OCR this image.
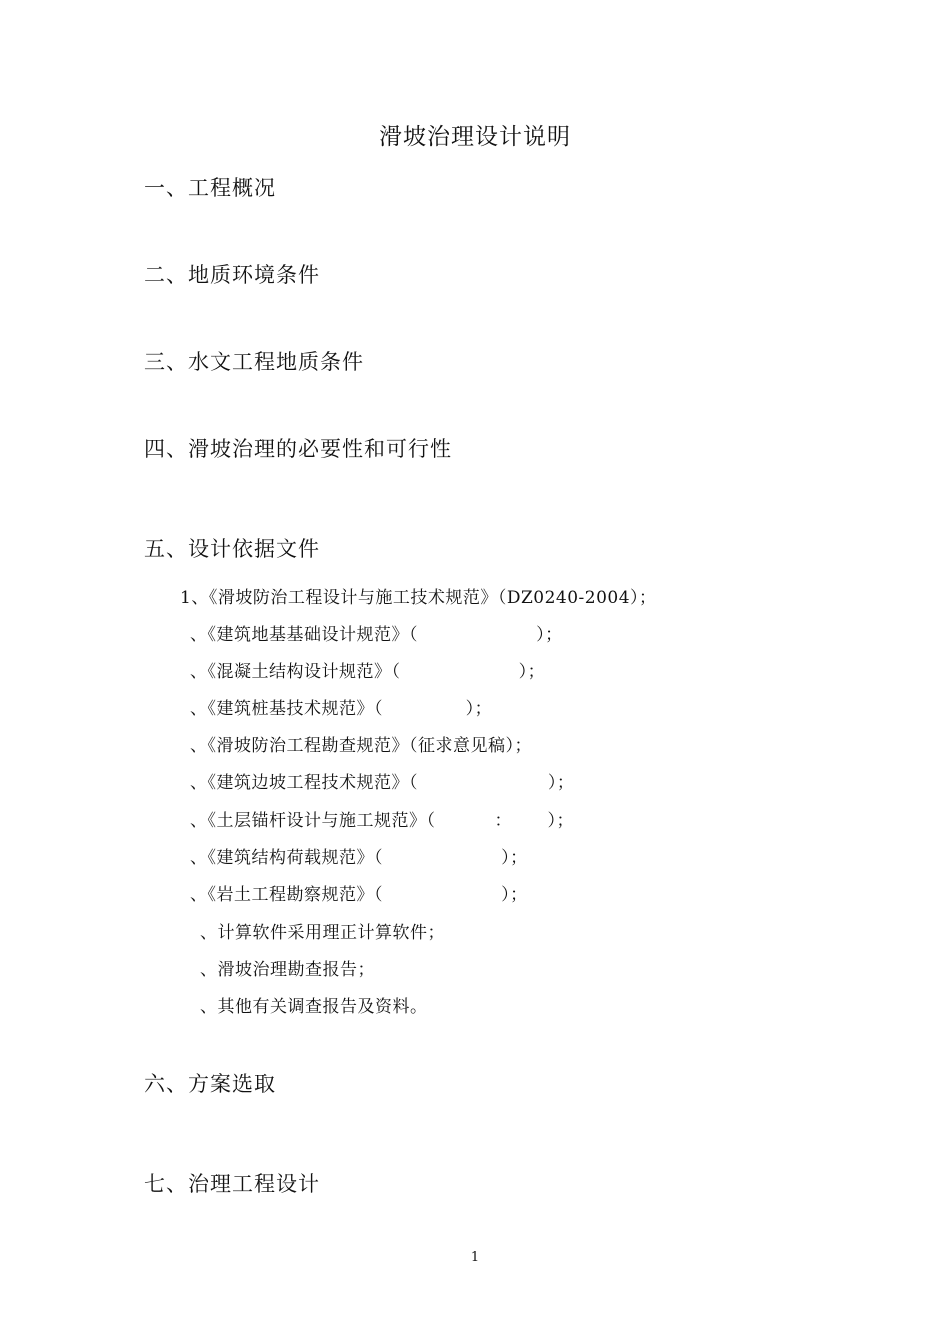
滑坡治理设计说明
一、工程概况
二、地质环境条件
三、水文工程地质条件
四、滑坡治理的必要性和可行性
五、设计依据文件
1、《滑坡防治工程设计与施工技术规范》（DZ0240-2004）；
、《建筑地基基础设计规范》（                    ）；
、《混凝土结构设计规范》（                    ）；
、《建筑桩基技术规范》（              ）；
、《滑坡防治工程勘查规范》（征求意见稿）；
、《建筑边坡工程技术规范》（                      ）；
、《土层锚杆设计与施工规范》（          ：      ）；
、《建筑结构荷载规范》（                    ）；
、《岩土工程勘察规范》（                    ）；
、计算软件采用理正计算软件；
、滑坡治理勘查报告；
、其他有关调查报告及资料。
六、方案选取
七、治理工程设计
1
